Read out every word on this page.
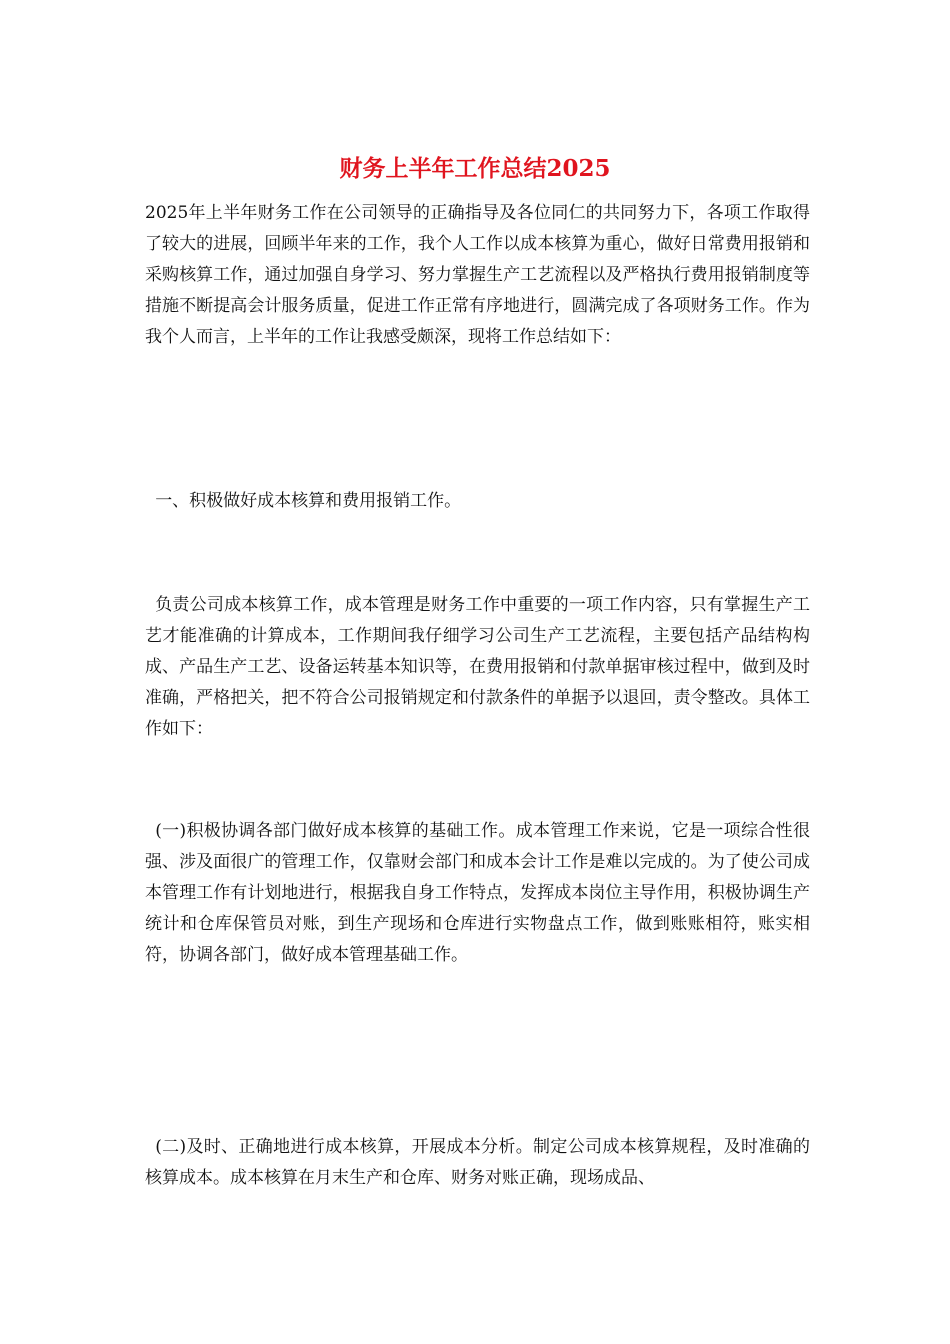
财务上半年工作总结2025

2025年上半年财务工作在公司领导的正确指导及各位同仁的共同努力下，各项工作取得了较大的进展，回顾半年来的工作，我个人工作以成本核算为重心，做好日常费用报销和采购核算工作，通过加强自身学习、努力掌握生产工艺流程以及严格执行费用报销制度等措施不断提高会计服务质量，促进工作正常有序地进行，圆满完成了各项财务工作。作为我个人而言，上半年的工作让我感受颇深，现将工作总结如下：

一、积极做好成本核算和费用报销工作。

负责公司成本核算工作，成本管理是财务工作中重要的一项工作内容，只有掌握生产工艺才能准确的计算成本，工作期间我仔细学习公司生产工艺流程，主要包括产品结构构成、产品生产工艺、设备运转基本知识等，在费用报销和付款单据审核过程中，做到及时准确，严格把关，把不符合公司报销规定和付款条件的单据予以退回，责令整改。具体工作如下：

(一)积极协调各部门做好成本核算的基础工作。成本管理工作来说，它是一项综合性很强、涉及面很广的管理工作，仅靠财会部门和成本会计工作是难以完成的。为了使公司成本管理工作有计划地进行，根据我自身工作特点，发挥成本岗位主导作用，积极协调生产统计和仓库保管员对账，到生产现场和仓库进行实物盘点工作，做到账账相符，账实相符，协调各部门，做好成本管理基础工作。

(二)及时、正确地进行成本核算，开展成本分析。制定公司成本核算规程，及时准确的核算成本。成本核算在月末生产和仓库、财务对账正确，现场成品、
